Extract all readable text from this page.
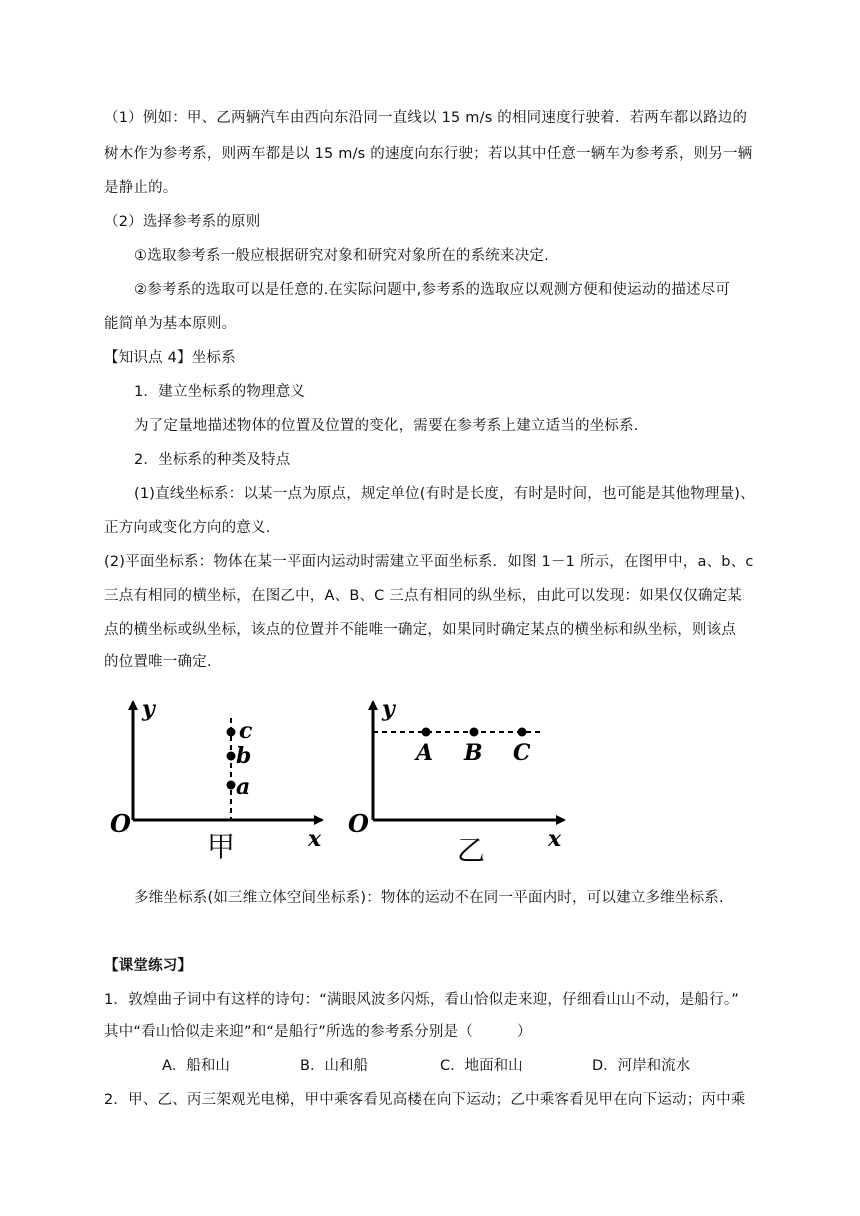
（1）例如：甲、乙两辆汽车由西向东沿同一直线以 15 m/s 的相同速度行驶着．若两车都以路边的
树木作为参考系，则两车都是以 15 m/s 的速度向东行驶；若以其中任意一辆车为参考系，则另一辆
是静止的。
（2）选择参考系的原则
①选取参考系一般应根据研究对象和研究对象所在的系统来决定.
②参考系的选取可以是任意的.在实际问题中,参考系的选取应以观测方便和使运动的描述尽可
能简单为基本原则。
【知识点 4】坐标系
1．建立坐标系的物理意义
为了定量地描述物体的位置及位置的变化，需要在参考系上建立适当的坐标系.
2．坐标系的种类及特点
(1)直线坐标系：以某一点为原点，规定单位(有时是长度，有时是时间，也可能是其他物理量)、
正方向或变化方向的意义.
(2)平面坐标系：物体在某一平面内运动时需建立平面坐标系．如图 1－1 所示，在图甲中，a、b、c
三点有相同的横坐标，在图乙中，A、B、C 三点有相同的纵坐标，由此可以发现：如果仅仅确定某
点的横坐标或纵坐标，该点的位置并不能唯一确定，如果同时确定某点的横坐标和纵坐标，则该点
的位置唯一确定.
c
b
a
y
O
x
甲
A B C
y
O
x
乙
多维坐标系(如三维立体空间坐标系)：物体的运动不在同一平面内时，可以建立多维坐标系.
【课堂练习】
1．敦煌曲子词中有这样的诗句：“满眼风波多闪烁，看山恰似走来迎，仔细看山山不动，是船行。”
其中“看山恰似走来迎”和“是船行”所选的参考系分别是（　　　）
A．船和山	B．山和船	C．地面和山	D．河岸和流水
2．甲、乙、丙三架观光电梯，甲中乘客看见高楼在向下运动；乙中乘客看见甲在向下运动；丙中乘
